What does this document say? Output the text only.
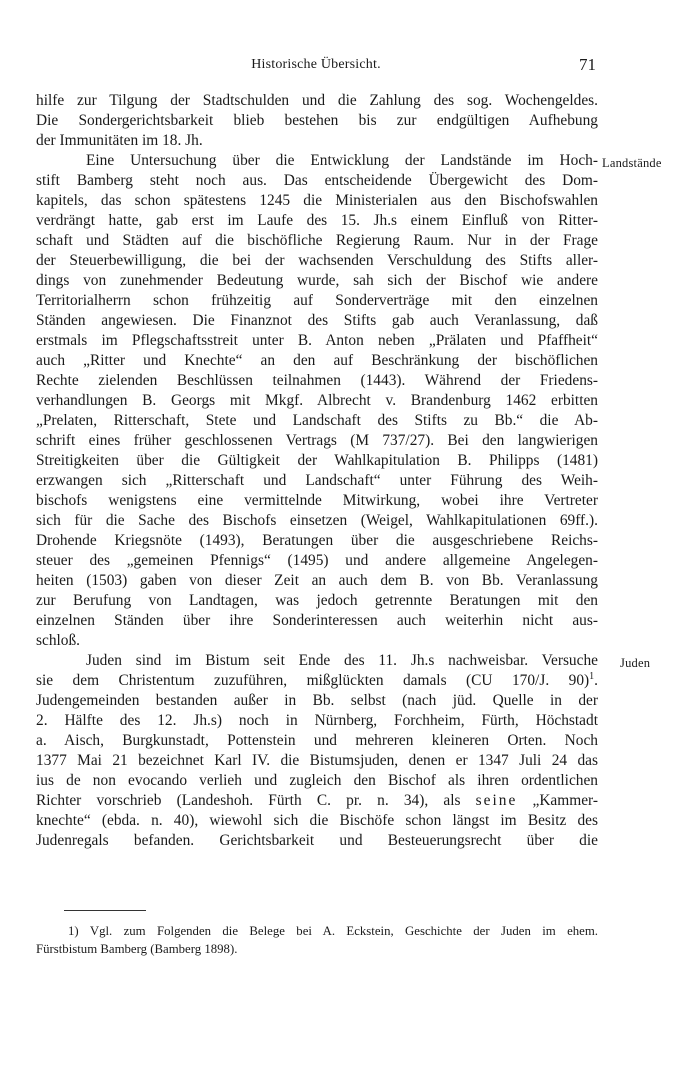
Historische Übersicht.	71
Landstände
Juden
hilfe zur Tilgung der Stadtschulden und die Zahlung des sog. Wochengeldes.
Die Sondergerichtsbarkeit blieb bestehen bis zur endgültigen Aufhebung
der Immunitäten im 18. Jh.
Eine Untersuchung über die Entwicklung der Landstände im Hoch-
stift Bamberg steht noch aus. Das entscheidende Übergewicht des Dom-
kapitels, das schon spätestens 1245 die Ministerialen aus den Bischofswahlen
verdrängt hatte, gab erst im Laufe des 15. Jh.s einem Einfluß von Ritter-
schaft und Städten auf die bischöfliche Regierung Raum. Nur in der Frage
der Steuerbewilligung, die bei der wachsenden Verschuldung des Stifts aller-
dings von zunehmender Bedeutung wurde, sah sich der Bischof wie andere
Territorialherrn schon frühzeitig auf Sonderverträge mit den einzelnen
Ständen angewiesen. Die Finanznot des Stifts gab auch Veranlassung, daß
erstmals im Pflegschaftsstreit unter B. Anton neben „Prälaten und Pfaffheit“
auch „Ritter und Knechte“ an den auf Beschränkung der bischöflichen
Rechte zielenden Beschlüssen teilnahmen (1443). Während der Friedens-
verhandlungen B. Georgs mit Mkgf. Albrecht v. Brandenburg 1462 erbitten
„Prelaten, Ritterschaft, Stete und Landschaft des Stifts zu Bb.“ die Ab-
schrift eines früher geschlossenen Vertrags (M 737/27). Bei den langwierigen
Streitigkeiten über die Gültigkeit der Wahlkapitulation B. Philipps (1481)
erzwangen sich „Ritterschaft und Landschaft“ unter Führung des Weih-
bischofs wenigstens eine vermittelnde Mitwirkung, wobei ihre Vertreter
sich für die Sache des Bischofs einsetzen (Weigel, Wahlkapitulationen 69ff.).
Drohende Kriegsnöte (1493), Beratungen über die ausgeschriebene Reichs-
steuer des „gemeinen Pfennigs“ (1495) und andere allgemeine Angelegen-
heiten (1503) gaben von dieser Zeit an auch dem B. von Bb. Veranlassung
zur Berufung von Landtagen, was jedoch getrennte Beratungen mit den
einzelnen Ständen über ihre Sonderinteressen auch weiterhin nicht aus-
schloß.
Juden sind im Bistum seit Ende des 11. Jh.s nachweisbar. Versuche
sie dem Christentum zuzuführen, mißglückten damals (CU 170/J. 90)$^1$.
Judengemeinden bestanden außer in Bb. selbst (nach jüd. Quelle in der
2. Hälfte des 12. Jh.s) noch in Nürnberg, Forchheim, Fürth, Höchstadt
a. Aisch, Burgkunstadt, Pottenstein und mehreren kleineren Orten. Noch
1377 Mai 21 bezeichnet Karl IV. die Bistumsjuden, denen er 1347 Juli 24 das
ius de non evocando verlieh und zugleich den Bischof als ihren ordentlichen
Richter vorschrieb (Landeshoh. Fürth C. pr. n. 34), als seine „Kammer-
knechte“ (ebda. n. 40), wiewohl sich die Bischöfe schon längst im Besitz des
Judenregals befanden. Gerichtsbarkeit und Besteuerungsrecht über die
1) Vgl. zum Folgenden die Belege bei A. Eckstein, Geschichte der Juden im ehem.
Fürstbistum Bamberg (Bamberg 1898).
